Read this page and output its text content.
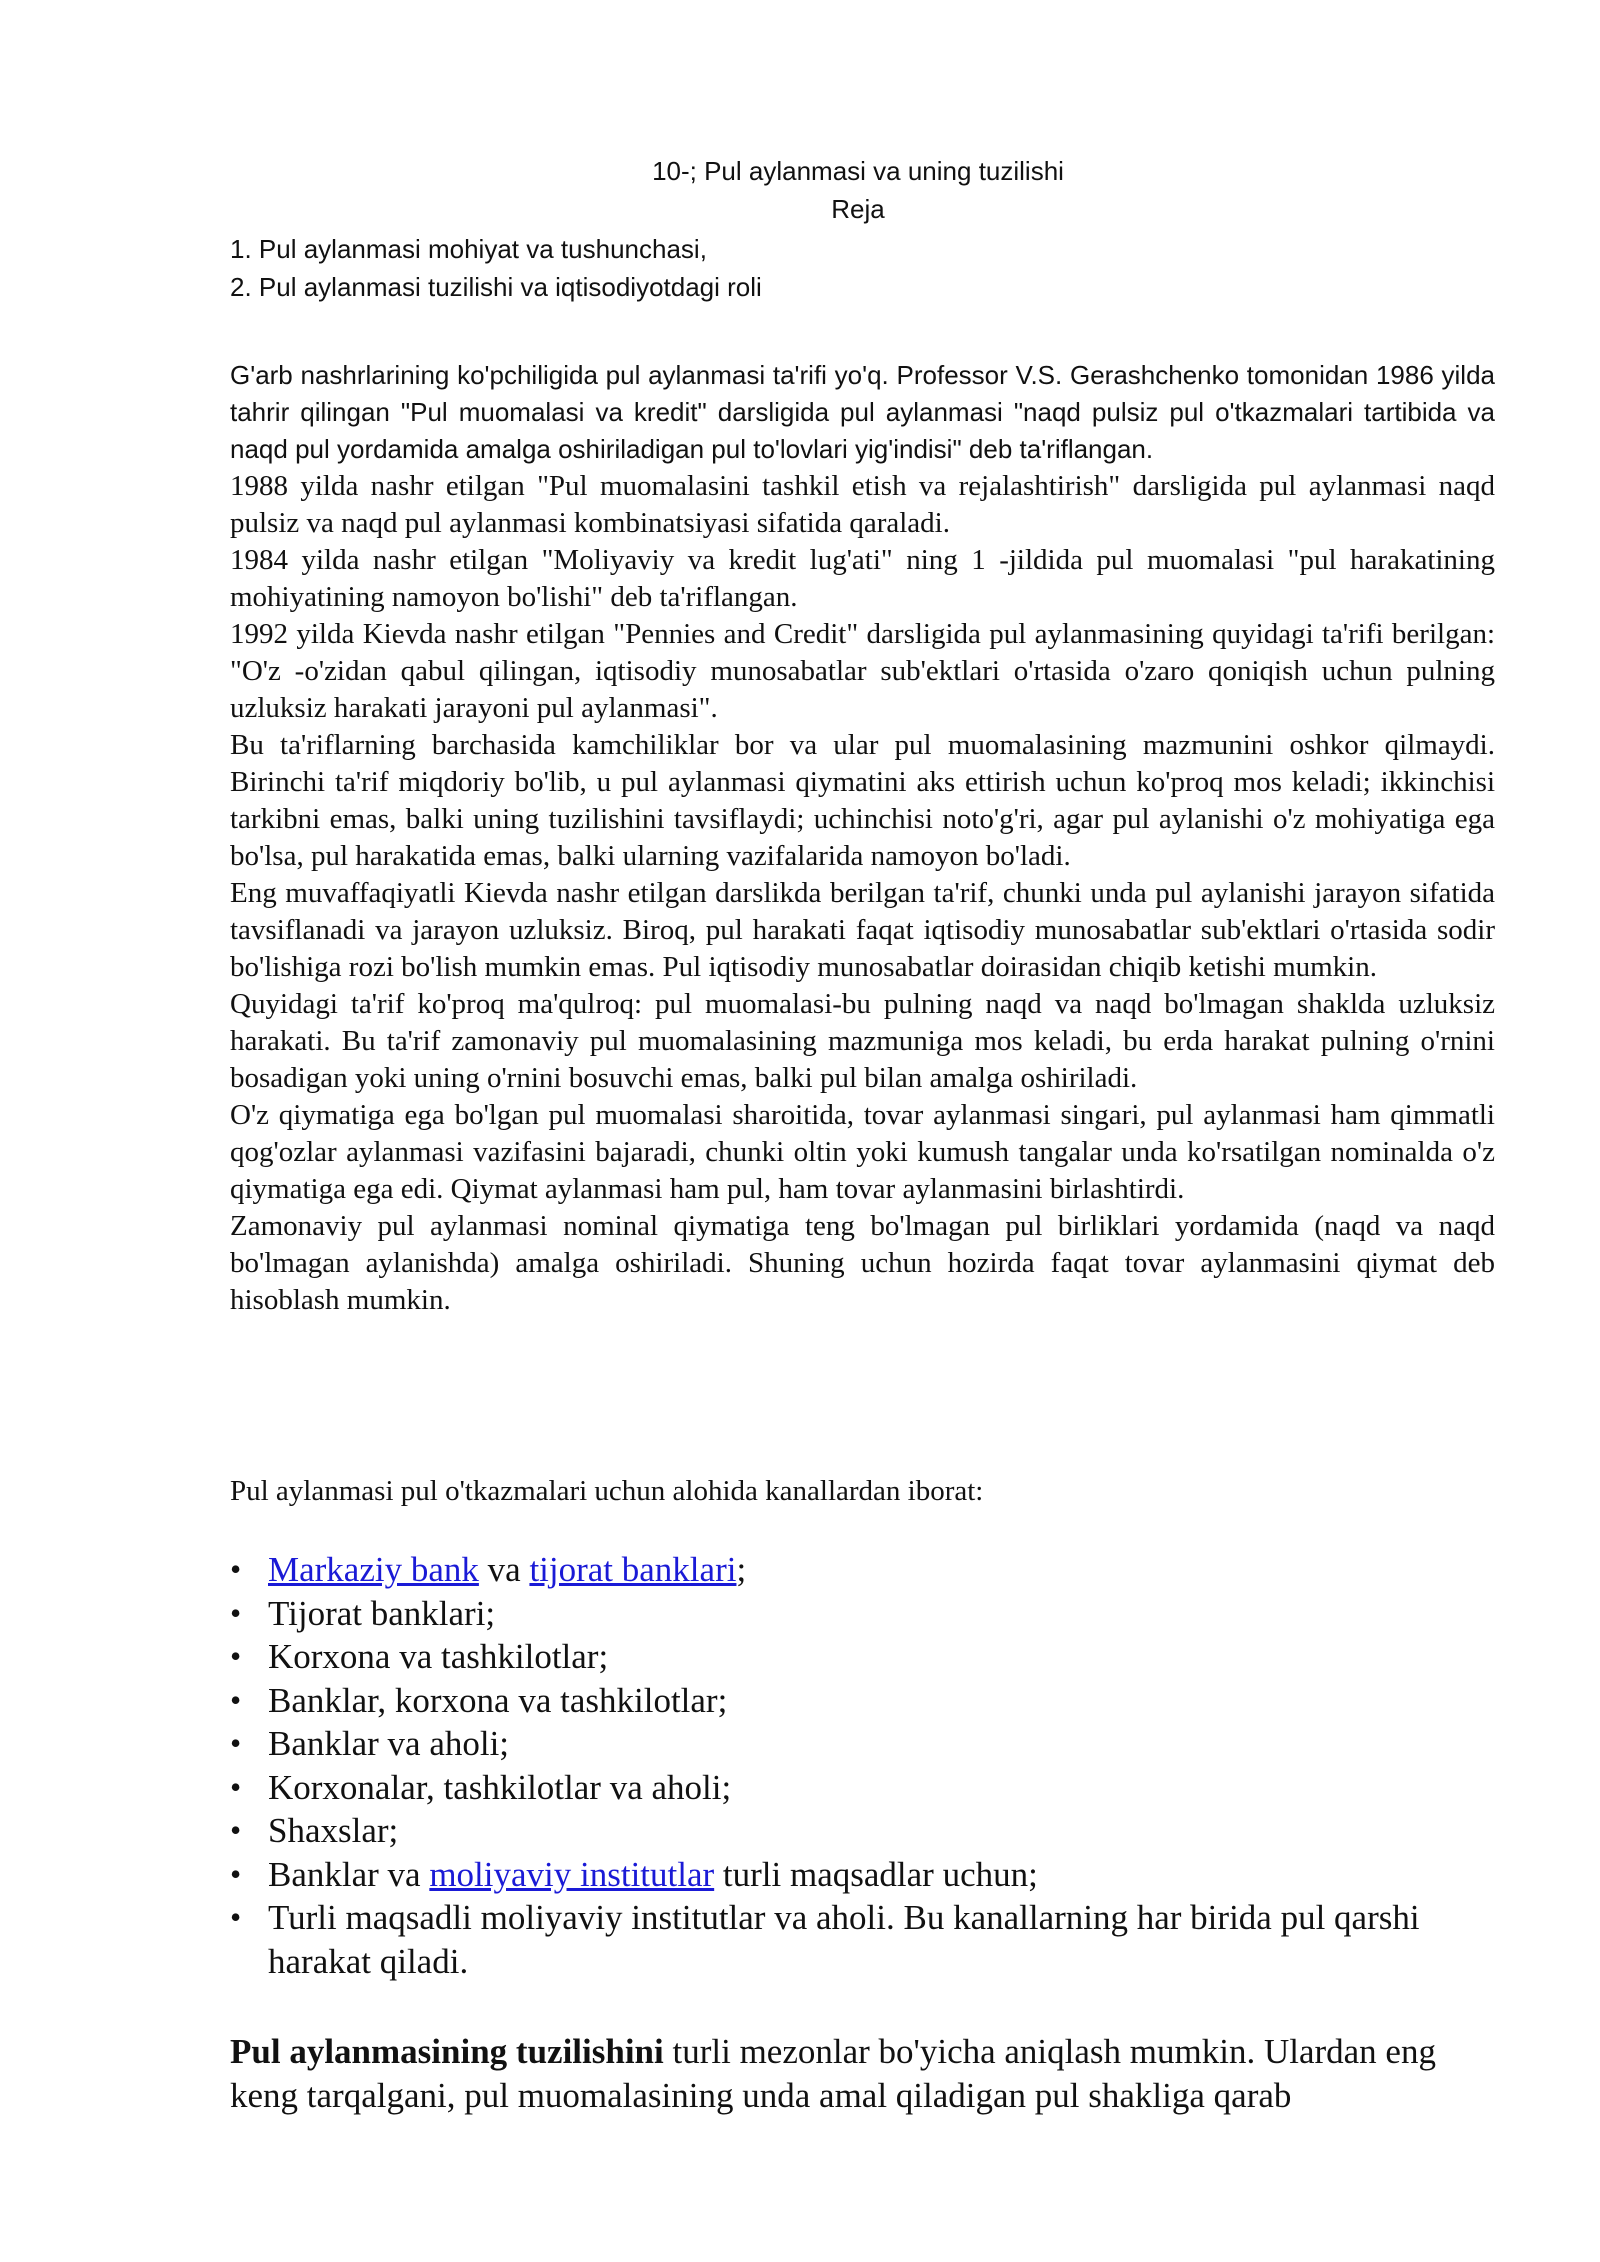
10-; Pul aylanmasi va uning tuzilishi
Reja
1. Pul aylanmasi mohiyat va tushunchasi,
2. Pul aylanmasi tuzilishi va iqtisodiyotdagi roli

G'arb nashrlarining ko'pchiligida pul aylanmasi ta'rifi yo'q. Professor V.S. Gerashchenko tomonidan 1986 yilda tahrir qilingan "Pul muomalasi va kredit" darsligida pul aylanmasi "naqd pulsiz pul o'tkazmalari tartibida va naqd pul yordamida amalga oshiriladigan pul to'lovlari yig'indisi" deb ta'riflangan.

1988 yilda nashr etilgan "Pul muomalasini tashkil etish va rejalashtirish" darsligida pul aylanmasi naqd pulsiz va naqd pul aylanmasi kombinatsiyasi sifatida qaraladi.

1984 yilda nashr etilgan "Moliyaviy va kredit lug'ati" ning 1 -jildida pul muomalasi "pul harakatining mohiyatining namoyon bo'lishi" deb ta'riflangan.

1992 yilda Kievda nashr etilgan "Pennies and Credit" darsligida pul aylanmasining quyidagi ta'rifi berilgan: "O'z -o'zidan qabul qilingan, iqtisodiy munosabatlar sub'ektlari o'rtasida o'zaro qoniqish uchun pulning uzluksiz harakati jarayoni pul aylanmasi".

Bu ta'riflarning barchasida kamchiliklar bor va ular pul muomalasining mazmunini oshkor qilmaydi. Birinchi ta'rif miqdoriy bo'lib, u pul aylanmasi qiymatini aks ettirish uchun ko'proq mos keladi; ikkinchisi tarkibni emas, balki uning tuzilishini tavsiflaydi; uchinchisi noto'g'ri, agar pul aylanishi o'z mohiyatiga ega bo'lsa, pul harakatida emas, balki ularning vazifalarida namoyon bo'ladi.

Eng muvaffaqiyatli Kievda nashr etilgan darslikda berilgan ta'rif, chunki unda pul aylanishi jarayon sifatida tavsiflanadi va jarayon uzluksiz. Biroq, pul harakati faqat iqtisodiy munosabatlar sub'ektlari o'rtasida sodir bo'lishiga rozi bo'lish mumkin emas. Pul iqtisodiy munosabatlar doirasidan chiqib ketishi mumkin.

Quyidagi ta'rif ko'proq ma'qulroq: pul muomalasi-bu pulning naqd va naqd bo'lmagan shaklda uzluksiz harakati. Bu ta'rif zamonaviy pul muomalasining mazmuniga mos keladi, bu erda harakat pulning o'rnini bosadigan yoki uning o'rnini bosuvchi emas, balki pul bilan amalga oshiriladi.

O'z qiymatiga ega bo'lgan pul muomalasi sharoitida, tovar aylanmasi singari, pul aylanmasi ham qimmatli qog'ozlar aylanmasi vazifasini bajaradi, chunki oltin yoki kumush tangalar unda ko'rsatilgan nominalda o'z qiymatiga ega edi. Qiymat aylanmasi ham pul, ham tovar aylanmasini birlashtirdi.

Zamonaviy pul aylanmasi nominal qiymatiga teng bo'lmagan pul birliklari yordamida (naqd va naqd bo'lmagan aylanishda) amalga oshiriladi. Shuning uchun hozirda faqat tovar aylanmasini qiymat deb hisoblash mumkin.

Pul aylanmasi pul o'tkazmalari uchun alohida kanallardan iborat:

• Markaziy bank va tijorat banklari;
• Tijorat banklari;
• Korxona va tashkilotlar;
• Banklar, korxona va tashkilotlar;
• Banklar va aholi;
• Korxonalar, tashkilotlar va aholi;
• Shaxslar;
• Banklar va moliyaviy institutlar turli maqsadlar uchun;
• Turli maqsadli moliyaviy institutlar va aholi. Bu kanallarning har birida pul qarshi harakat qiladi.

Pul aylanmasining tuzilishini turli mezonlar bo'yicha aniqlash mumkin. Ulardan eng keng tarqalgani, pul muomalasining unda amal qiladigan pul shakliga qarab
